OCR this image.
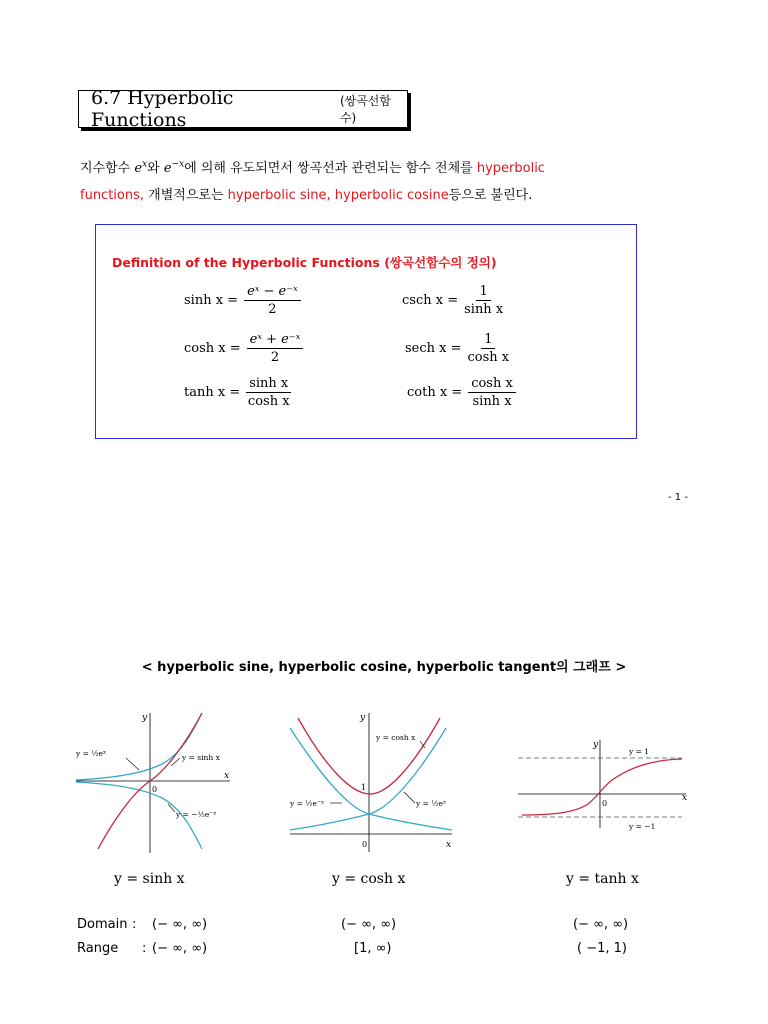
6.7 Hyperbolic Functions
(쌍곡선함수)
지수함수 $e^x$와 $e^{-x}$에 의해 유도되면서 쌍곡선과 관련되는 함수 전체를 hyperbolic
functions, 개별적으로는 hyperbolic sine, hyperbolic cosine등으로 불린다.
Definition of the Hyperbolic Functions (쌍곡선함수의 정의)
$\sinh x = \frac{\text{eˣ − e⁻ˣ}}{2}$
$\cosh x = \frac{\text{eˣ + e⁻ˣ}}{2}$
$\tanh x = \frac{\text{sinh x}}{\text{cosh x}}$
csch $x = \frac{1}{\text{sinh x}}$
sech $x = \frac{1}{\text{cosh x}}$
coth $x = \frac{\text{cosh x}}{\text{sinh x}}$
- 1 -
< hyperbolic sine, hyperbolic cosine, hyperbolic tangent의 그래프 >
y
x
0
y = ½eˣ	y = sinh x
y = −½e⁻ˣ
y = sinh x
y
x
0
1
y = cosh x
y = ½e⁻ˣ	y = ½eˣ
y = cosh x
y
x
0
y = 1
y = −1
y = tanh x
Domain : (− ∞, ∞)
Range : (− ∞, ∞)
(− ∞, ∞)
[1, ∞)
(− ∞, ∞)
( −1, 1)
